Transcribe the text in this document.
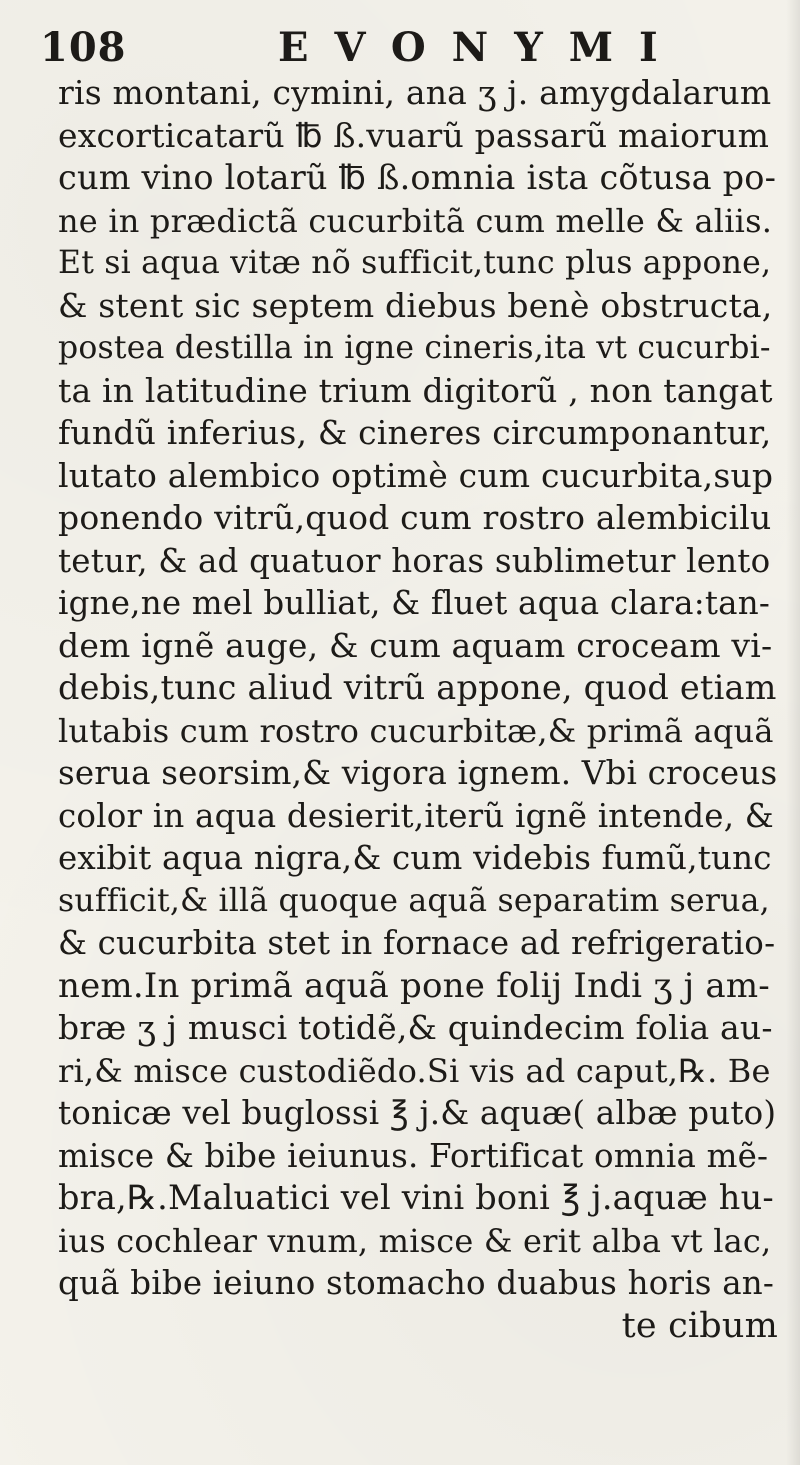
108	EVONYMI
ris montani, cymini, ana ʒ j. amygdalarum
excorticatarũ ℔ ß.vuarũ passarũ maiorum
cum vino lotarũ ℔ ß.omnia ista cõtusa po-
ne in prædictã cucurbitã cum melle & aliis.
Et si aqua vitæ nõ sufficit,tunc plus appone,
& stent sic septem diebus benè obstructa,
postea destilla in igne cineris,ita vt cucurbi-
ta in latitudine trium digitorũ , non tangat
fundũ inferius, & cineres circumponantur,
lutato alembico optimè cum cucurbita,sup
ponendo vitrũ,quod cum rostro alembicilu
tetur, & ad quatuor horas sublimetur lento
igne,ne mel bulliat, & fluet aqua clara:tan-
dem ignẽ auge, & cum aquam croceam vi-
debis,tunc aliud vitrũ appone, quod etiam
lutabis cum rostro cucurbitæ,& primã aquã
serua seorsim,& vigora ignem. Vbi croceus
color in aqua desierit,iterũ ignẽ intende, &
exibit aqua nigra,& cum videbis fumũ,tunc
sufficit,& illã quoque aquã separatim serua,
& cucurbita stet in fornace ad refrigeratio-
nem.In primã aquã pone folij Indi ʒ j am-
bræ ʒ j musci totidẽ,& quindecim folia au-
ri,& misce custodiẽdo.Si vis ad caput,℞. Be
tonicæ vel buglossi ℥ j.& aquæ( albæ puto)
misce & bibe ieiunus. Fortificat omnia mẽ-
bra,℞.Maluatici vel vini boni ℥ j.aquæ hu-
ius cochlear vnum, misce & erit alba vt lac,
quã bibe ieiuno stomacho duabus horis an-
te cibum
